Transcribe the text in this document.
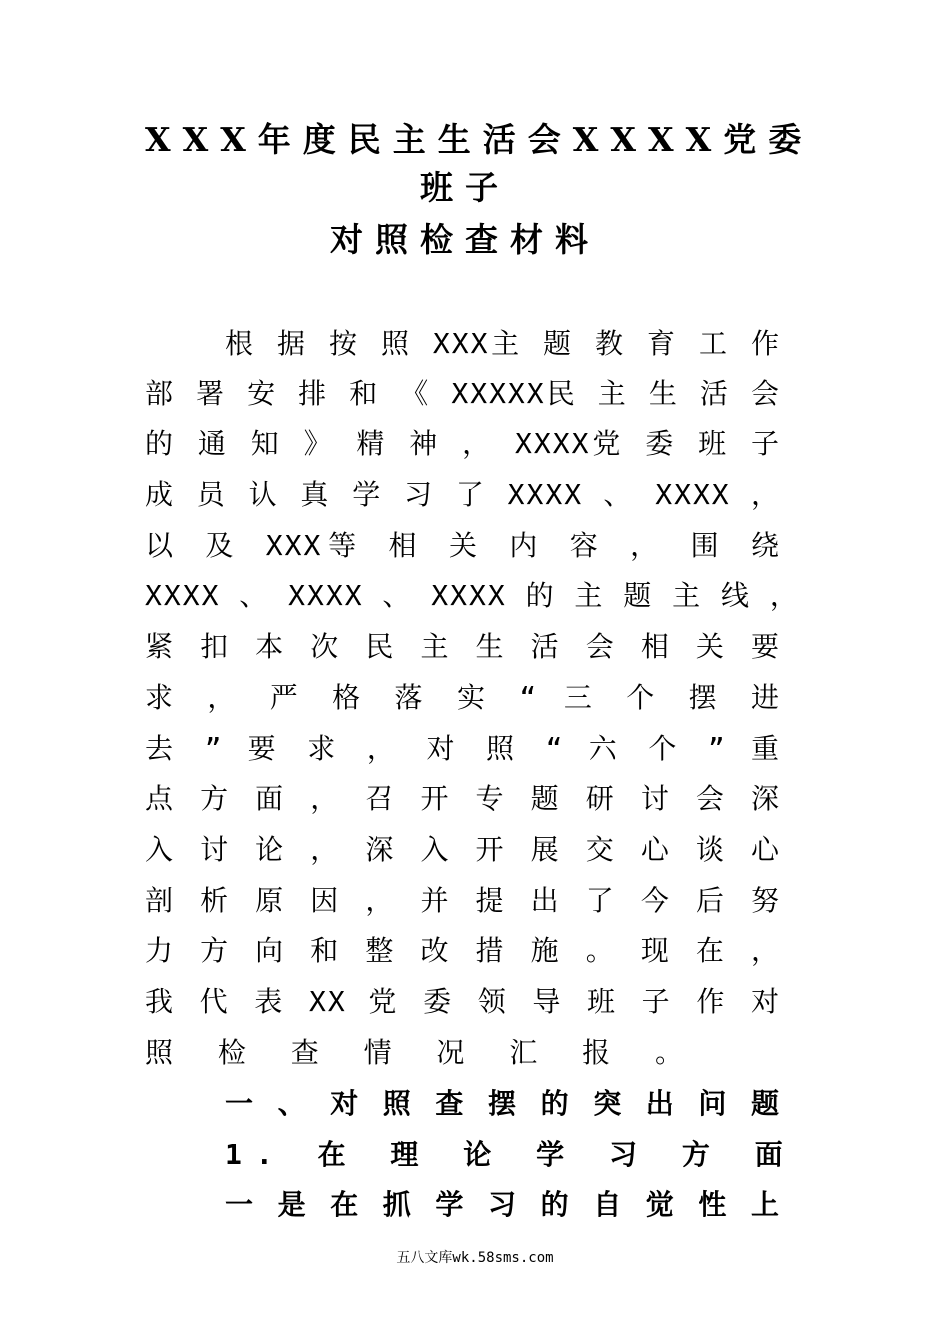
XXX年度民主生活会XXXX党委
班子
对照检查材料
根 据 按 照 XXX主 题 教 育 工 作
部 署 安 排 和 《 XXXXX民 主 生 活 会
的 通 知 》 精 神 ， XXXX党 委 班 子
成 员 认 真 学 习 了 XXXX 、 XXXX ，
以 及 XXX等 相 关 内 容 ， 围 绕
XXXX 、 XXXX 、 XXXX 的 主 题 主 线 ，
紧 扣 本 次 民 主 生 活 会 相 关 要
求 ， 严 格 落 实 “ 三 个 摆 进
去 ” 要 求 ， 对 照 “ 六 个 ” 重
点 方 面 ， 召 开 专 题 研 讨 会 深
入 讨 论 ， 深 入 开 展 交 心 谈 心
剖 析 原 因 ， 并 提 出 了 今 后 努
力 方 向 和 整 改 措 施 。 现 在 ，
我 代 表 XX 党 委 领 导 班 子 作 对
照 检 查 情 况 汇 报 。
一 、 对 照 查 摆 的 突 出 问 题
1. 在 理 论 学 习 方 面
一 是 在 抓 学 习 的 自 觉 性 上
五八文库wk.58sms.com
